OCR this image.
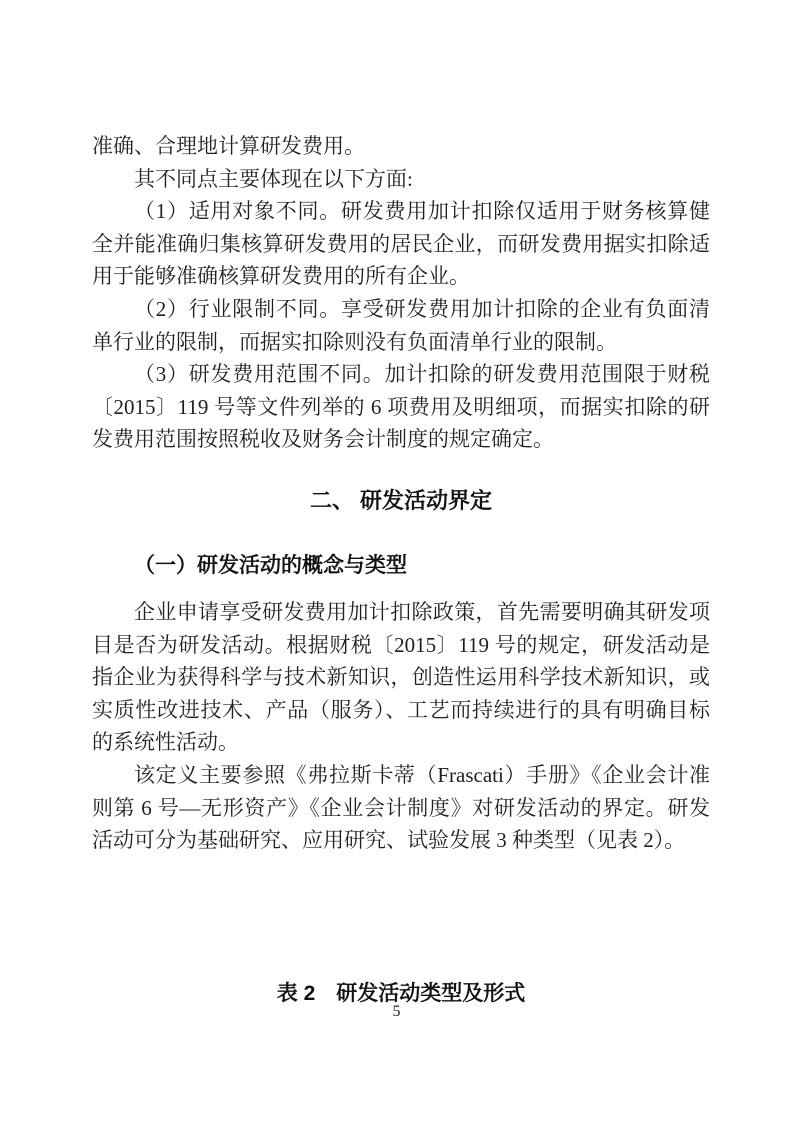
准确、合理地计算研发费用。

其不同点主要体现在以下方面:

（1）适用对象不同。研发费用加计扣除仅适用于财务核算健全并能准确归集核算研发费用的居民企业，而研发费用据实扣除适用于能够准确核算研发费用的所有企业。

（2）行业限制不同。享受研发费用加计扣除的企业有负面清单行业的限制，而据实扣除则没有负面清单行业的限制。

（3）研发费用范围不同。加计扣除的研发费用范围限于财税〔2015〕119 号等文件列举的 6 项费用及明细项，而据实扣除的研发费用范围按照税收及财务会计制度的规定确定。

二、 研发活动界定

（一）研发活动的概念与类型

企业申请享受研发费用加计扣除政策，首先需要明确其研发项目是否为研发活动。根据财税〔2015〕119 号的规定，研发活动是指企业为获得科学与技术新知识，创造性运用科学技术新知识，或实质性改进技术、产品（服务）、工艺而持续进行的具有明确目标的系统性活动。

该定义主要参照《弗拉斯卡蒂（Frascati）手册》《企业会计准则第 6 号—无形资产》《企业会计制度》对研发活动的界定。研发活动可分为基础研究、应用研究、试验发展 3 种类型（见表 2）。

表 2　研发活动类型及形式

5
